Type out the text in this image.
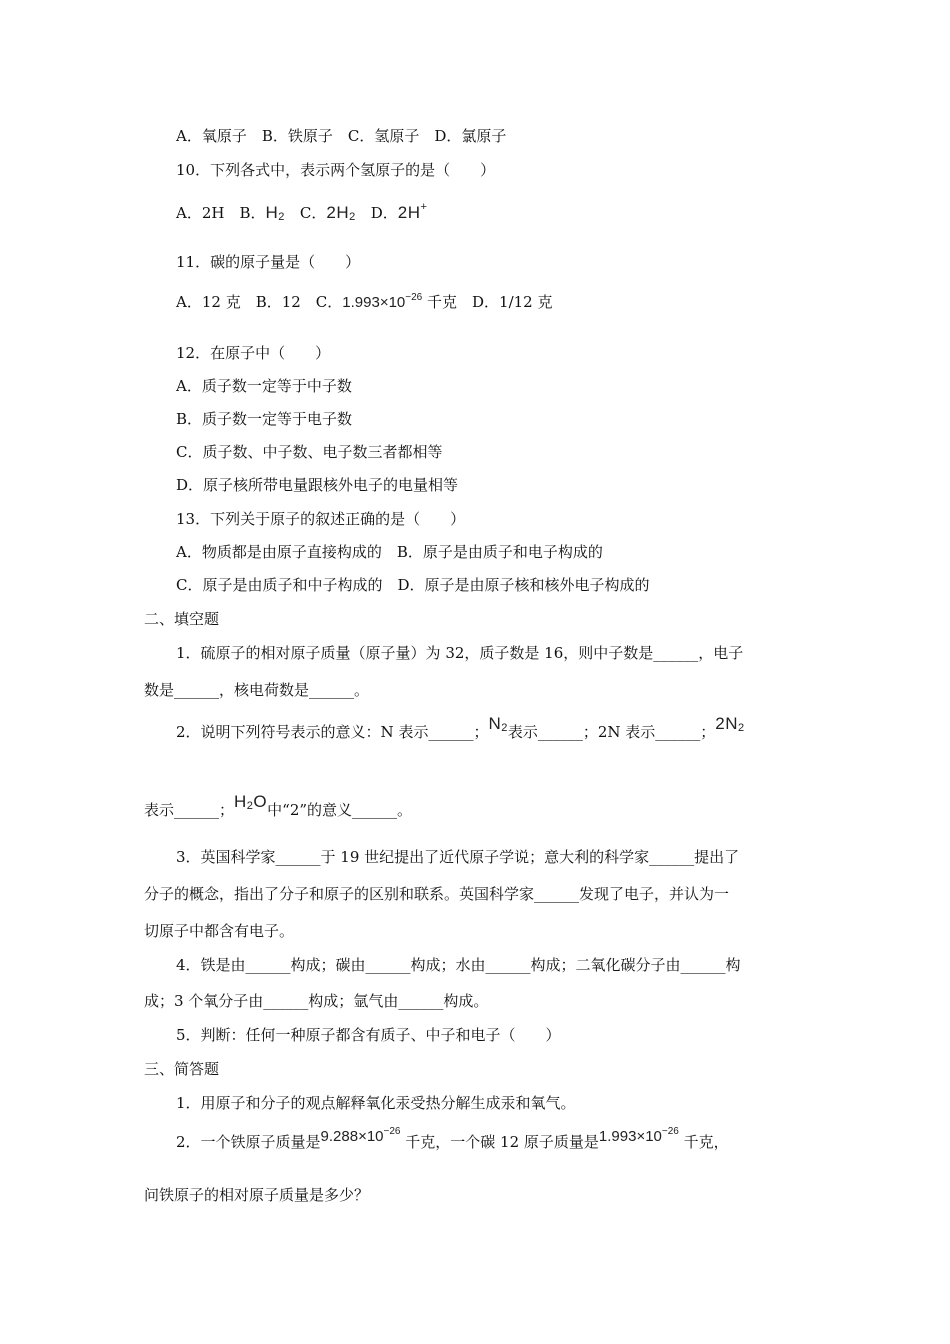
A．氧原子　B．铁原子　C．氢原子　D．氯原子
10．下列各式中，表示两个氢原子的是（　　）
A．2H　B．$H_2$　 C．$2H_2$　 D．2H+
11．碳的原子量是（　　）
A．12 克　B．12　C．$1.993\times 10^{-26}$ 千克　D．1/12 克
12．在原子中（　　）
A．质子数一定等于中子数
B．质子数一定等于电子数
C．质子数、中子数、电子数三者都相等
D．原子核所带电量跟核外电子的电量相等
13．下列关于原子的叙述正确的是（　　）
A．物质都是由原子直接构成的　B．原子是由质子和电子构成的
C．原子是由质子和中子构成的　D．原子是由原子核和核外电子构成的
二、填空题
1．硫原子的相对原子质量（原子量）为 32，质子数是 16，则中子数是______，电子
数是______，核电荷数是______。
2．说明下列符号表示的意义：N 表示______；$N_2$表示______；2N 表示______；$2N_2$
表示______；$H_2O$中“2”的意义______。
3．英国科学家______于 19 世纪提出了近代原子学说；意大利的科学家______提出了
分子的概念，指出了分子和原子的区别和联系。英国科学家______发现了电子，并认为一
切原子中都含有电子。
4．铁是由______构成；碳由______构成；水由______构成；二氧化碳分子由______构
成；3 个氧分子由______构成；氩气由______构成。
5．判断：任何一种原子都含有质子、中子和电子（　　）
三、简答题
1．用原子和分子的观点解释氧化汞受热分解生成汞和氧气。
2．一个铁原子质量是$9.288\times 10^{-26}$ 千克，一个碳 12 原子质量是$1.993\times 10^{-26}$ 千克，
问铁原子的相对原子质量是多少？
